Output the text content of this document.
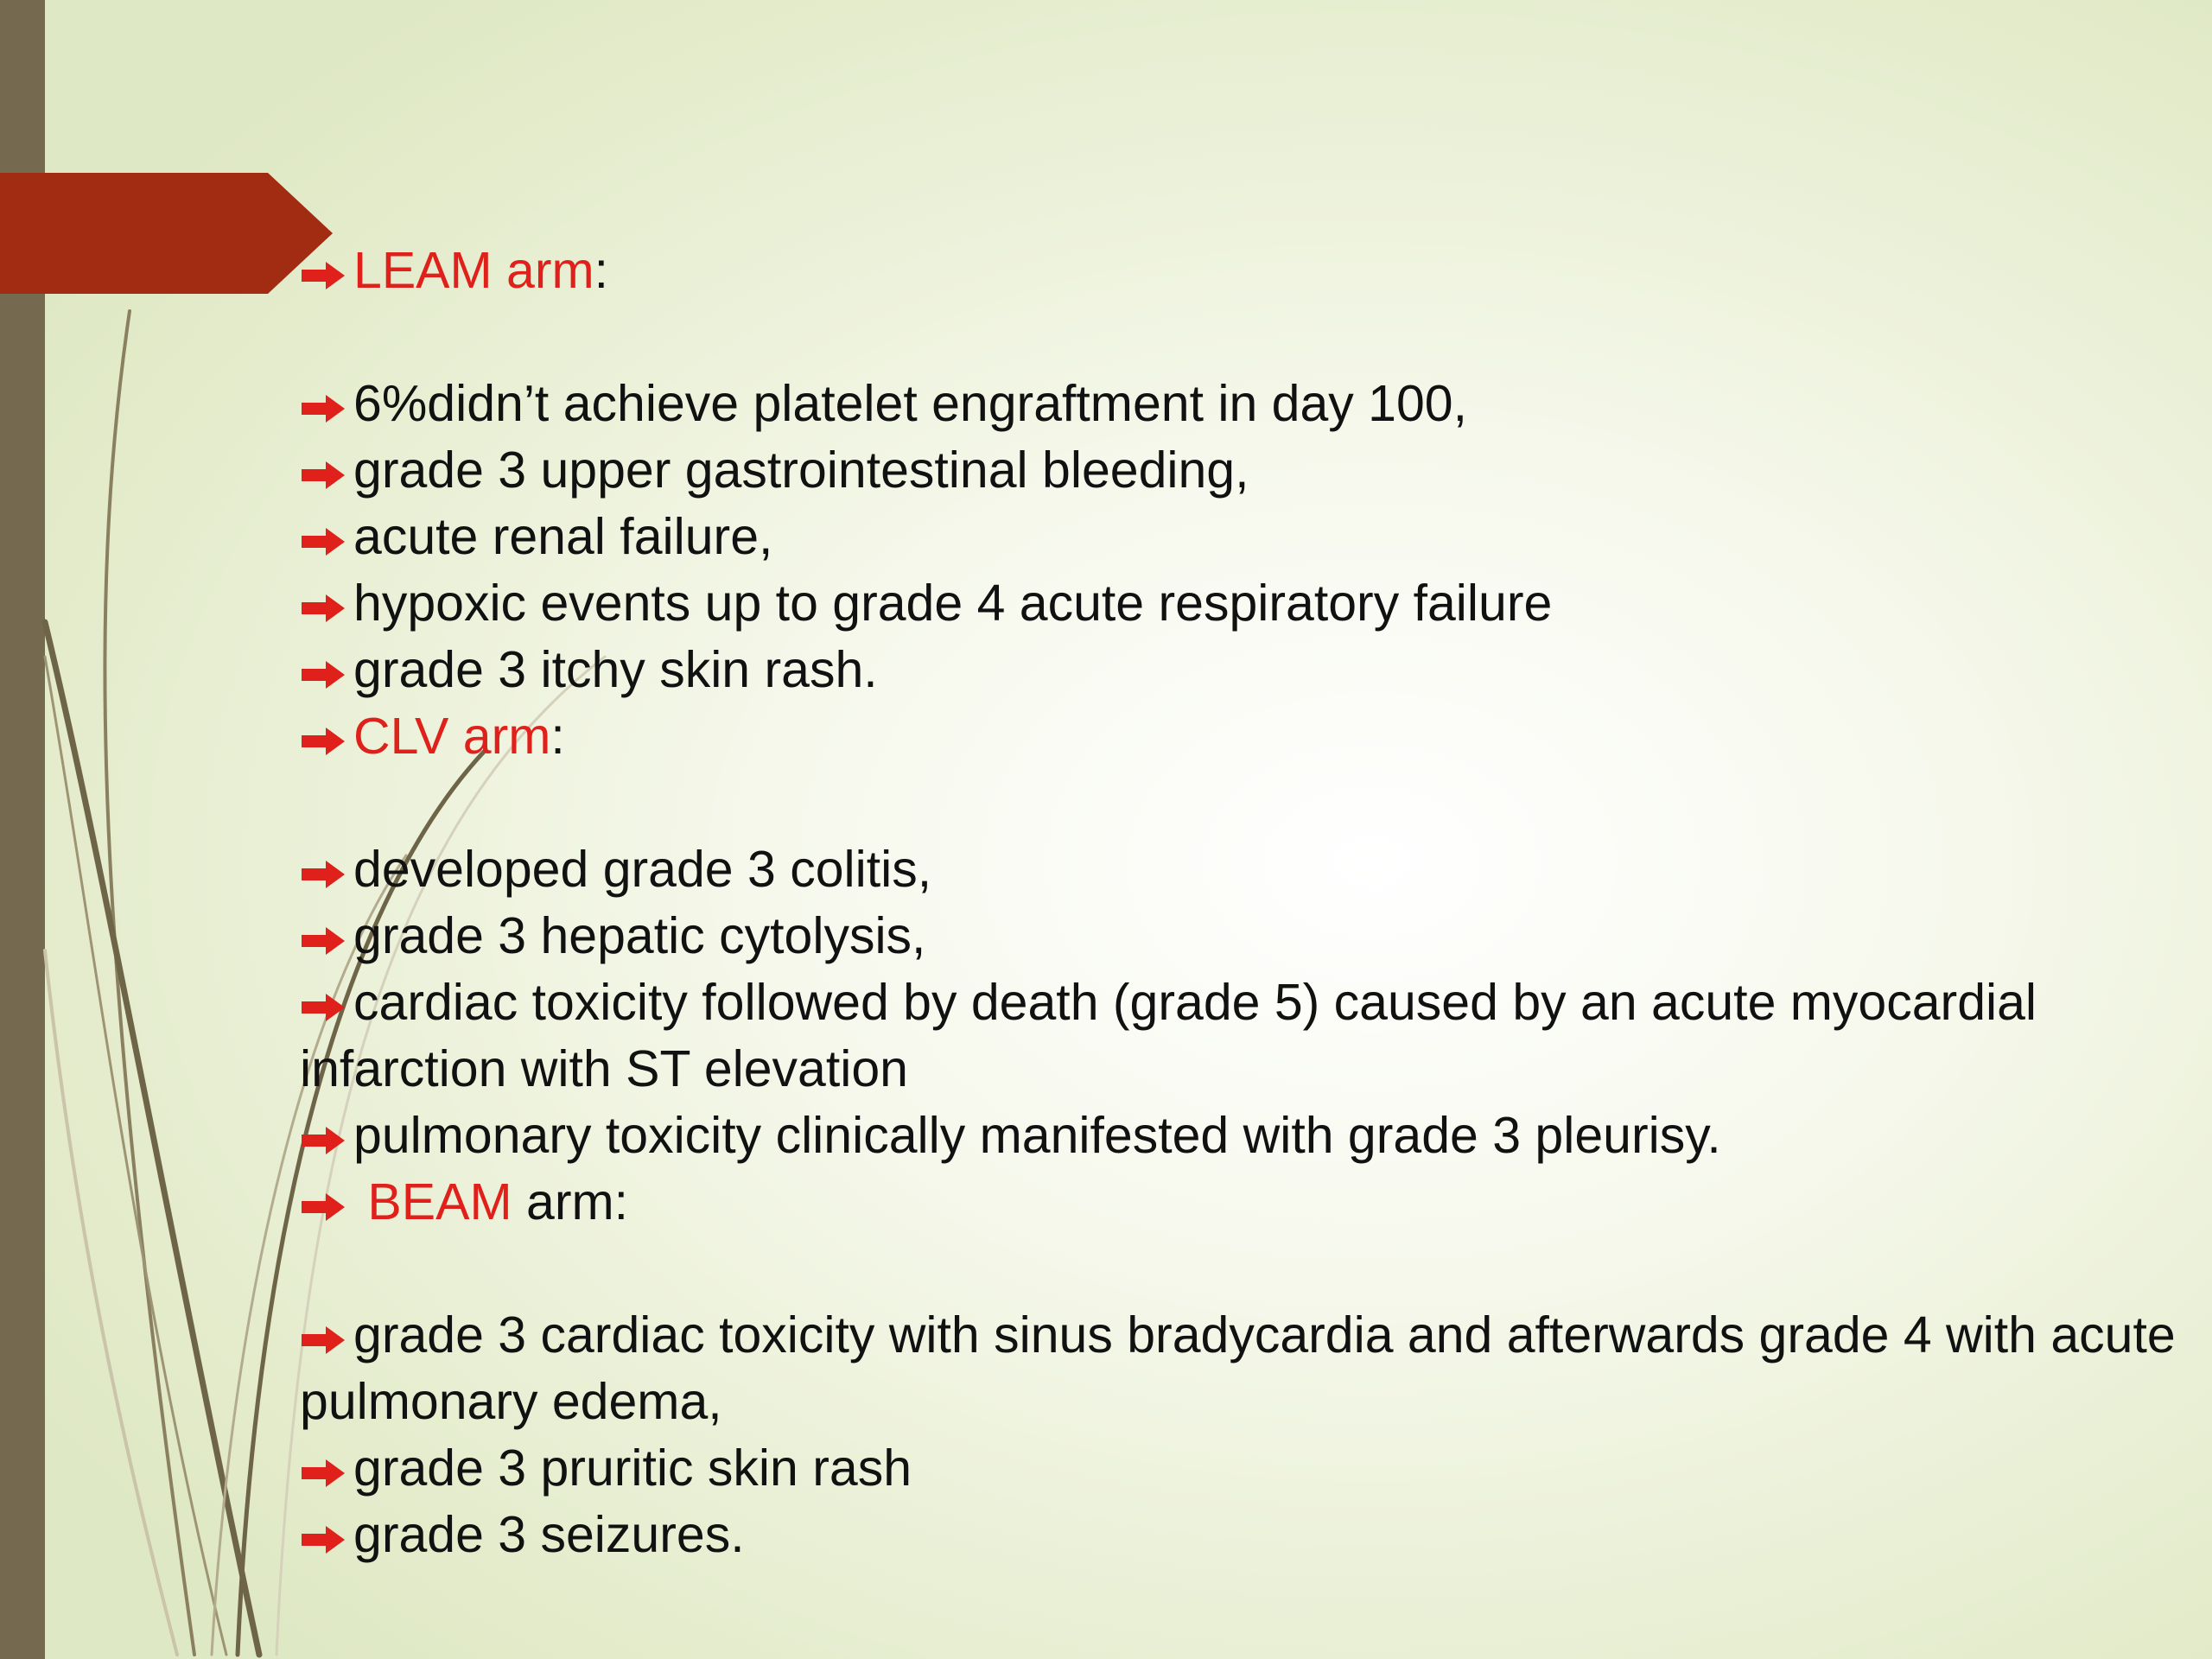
LEAM arm:
6%didn’t achieve platelet engraftment in day 100,
grade 3 upper gastrointestinal bleeding,
acute renal failure,
hypoxic events up to grade 4 acute respiratory failure
grade 3 itchy skin rash.
CLV arm:
developed grade 3 colitis,
grade 3 hepatic cytolysis,
cardiac toxicity followed by death (grade 5) caused by an acute myocardial infarction with ST elevation
pulmonary toxicity clinically manifested with grade 3 pleurisy.
BEAM arm:
grade 3 cardiac toxicity with sinus bradycardia and afterwards grade 4 with acute pulmonary edema,
grade 3 pruritic skin rash
grade 3 seizures.
